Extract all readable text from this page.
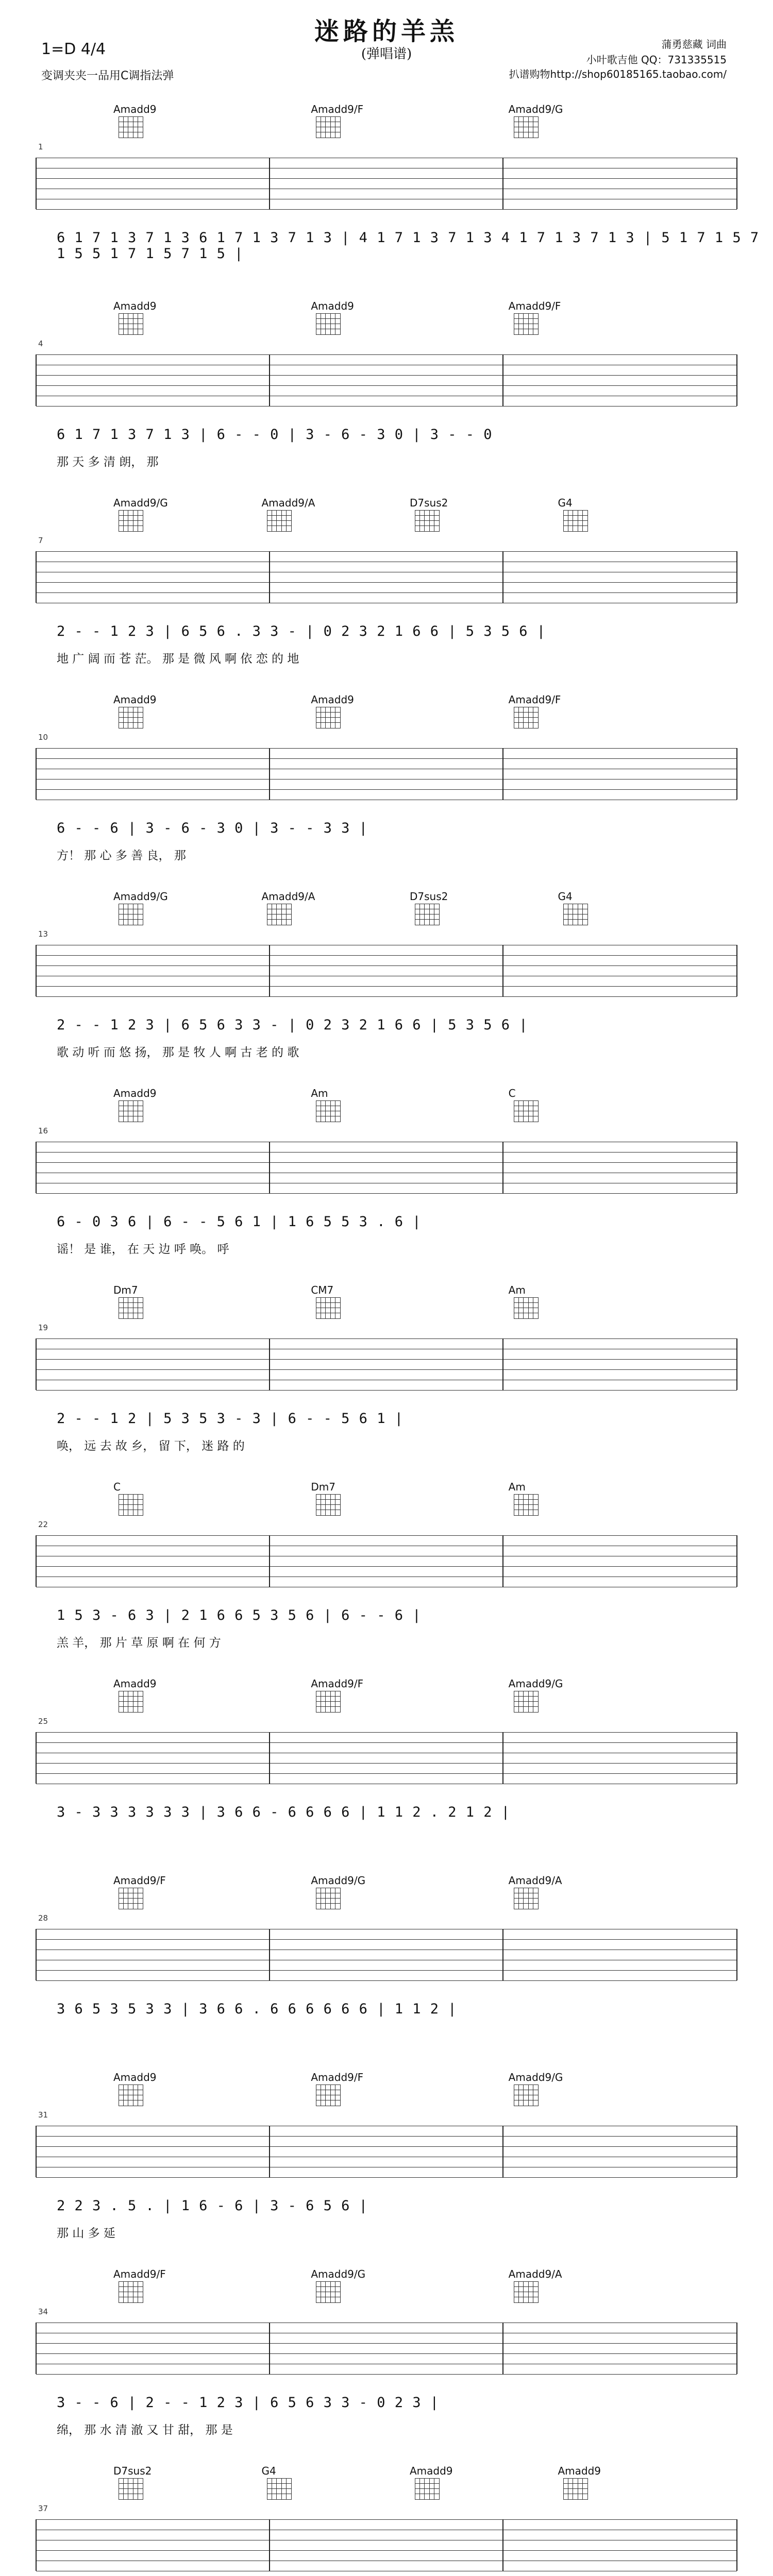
迷路的羊羔
(弹唱谱)
1=D 4/4
变调夹夹一品用C调指法弹
蒲勇慈藏 词曲
小叶歌吉他 QQ：731335515
扒谱购物http://shop60185165.taobao.com/
1
Amadd9	Amadd9/F	Amadd9/G
6 1 7 1 3 7 1 3 6 1 7 1 3 7 1 3 | 4 1 7 1 3 7 1 3 4 1 7 1 3 7 1 3 | 5 1 7 1 5 7 1 5 5 1 7 1 5 7 1 5 |
4
Amadd9	Amadd9	Amadd9/F
6 1 7 1 3 7 1 3 | 6 - - 0 | 3 - 6 - 3 0 | 3 - - 0
那 天 多 清 朗， 那
7
Amadd9/G	Amadd9/A	D7sus2	G4
2 - - 1 2 3 | 6 5 6 . 3 3 - | 0 2 3 2 1 6 6 | 5 3 5 6 |
地 广 阔 而 苍 茫。 那 是 微 风 啊 依 恋 的 地
10
Amadd9	Amadd9	Amadd9/F
6 - - 6 | 3 - 6 - 3 0 | 3 - - 3 3 |
方！ 那 心 多 善 良， 那
13
Amadd9/G	Amadd9/A	D7sus2	G4
2 - - 1 2 3 | 6 5 6 3 3 - | 0 2 3 2 1 6 6 | 5 3 5 6 |
歌 动 听 而 悠 扬， 那 是 牧 人 啊 古 老 的 歌
16
Amadd9	Am	C
6 - 0 3 6 | 6 - - 5 6 1 | 1 6 5 5 3 . 6 |
谣！ 是 谁， 在 天 边 呼 唤。 呼
19
Dm7	CM7	Am
2 - - 1 2 | 5 3 5 3 - 3 | 6 - - 5 6 1 |
唤， 远 去 故 乡， 留 下， 迷 路 的
22
C	Dm7	Am
1 5 3 - 6 3 | 2 1 6 6 5 3 5 6 | 6 - - 6 |
羔 羊， 那 片 草 原 啊 在 何 方
25
Amadd9	Amadd9/F	Amadd9/G
3 - 3 3 3 3 3 3 | 3 6 6 - 6 6 6 6 | 1 1 2 . 2 1 2 |
28
Amadd9/F	Amadd9/G	Amadd9/A
3 6 5 3 5 3 3 | 3 6 6 . 6 6 6 6 6 6 | 1 1 2 |
31
Amadd9	Amadd9/F	Amadd9/G
2 2 3 . 5 . | 1 6 - 6 | 3 - 6 5 6 |
那 山 多 延
34
Amadd9/F	Amadd9/G	Amadd9/A
3 - - 6 | 2 - - 1 2 3 | 6 5 6 3 3 - 0 2 3 |
绵， 那 水 清 澈 又 甘 甜， 那 是
37
D7sus2	G4	Amadd9	Amadd9
